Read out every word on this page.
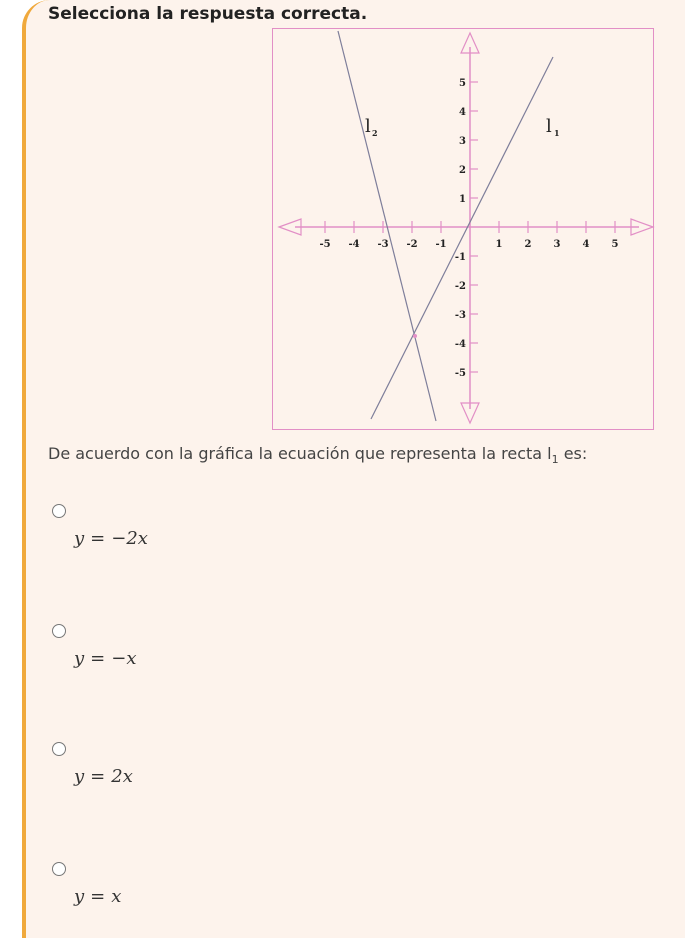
Selecciona la respuesta correcta.
-5 -4 -3 -2 -1	1 2 3 4 5
5
4
3
2
1
-1
-2
-3
-4
-5
l 2	l 1
De acuerdo con la gráfica la ecuación que representa la recta $l_1$ es:
y = −2x
y = −x
y = 2x
y = x
